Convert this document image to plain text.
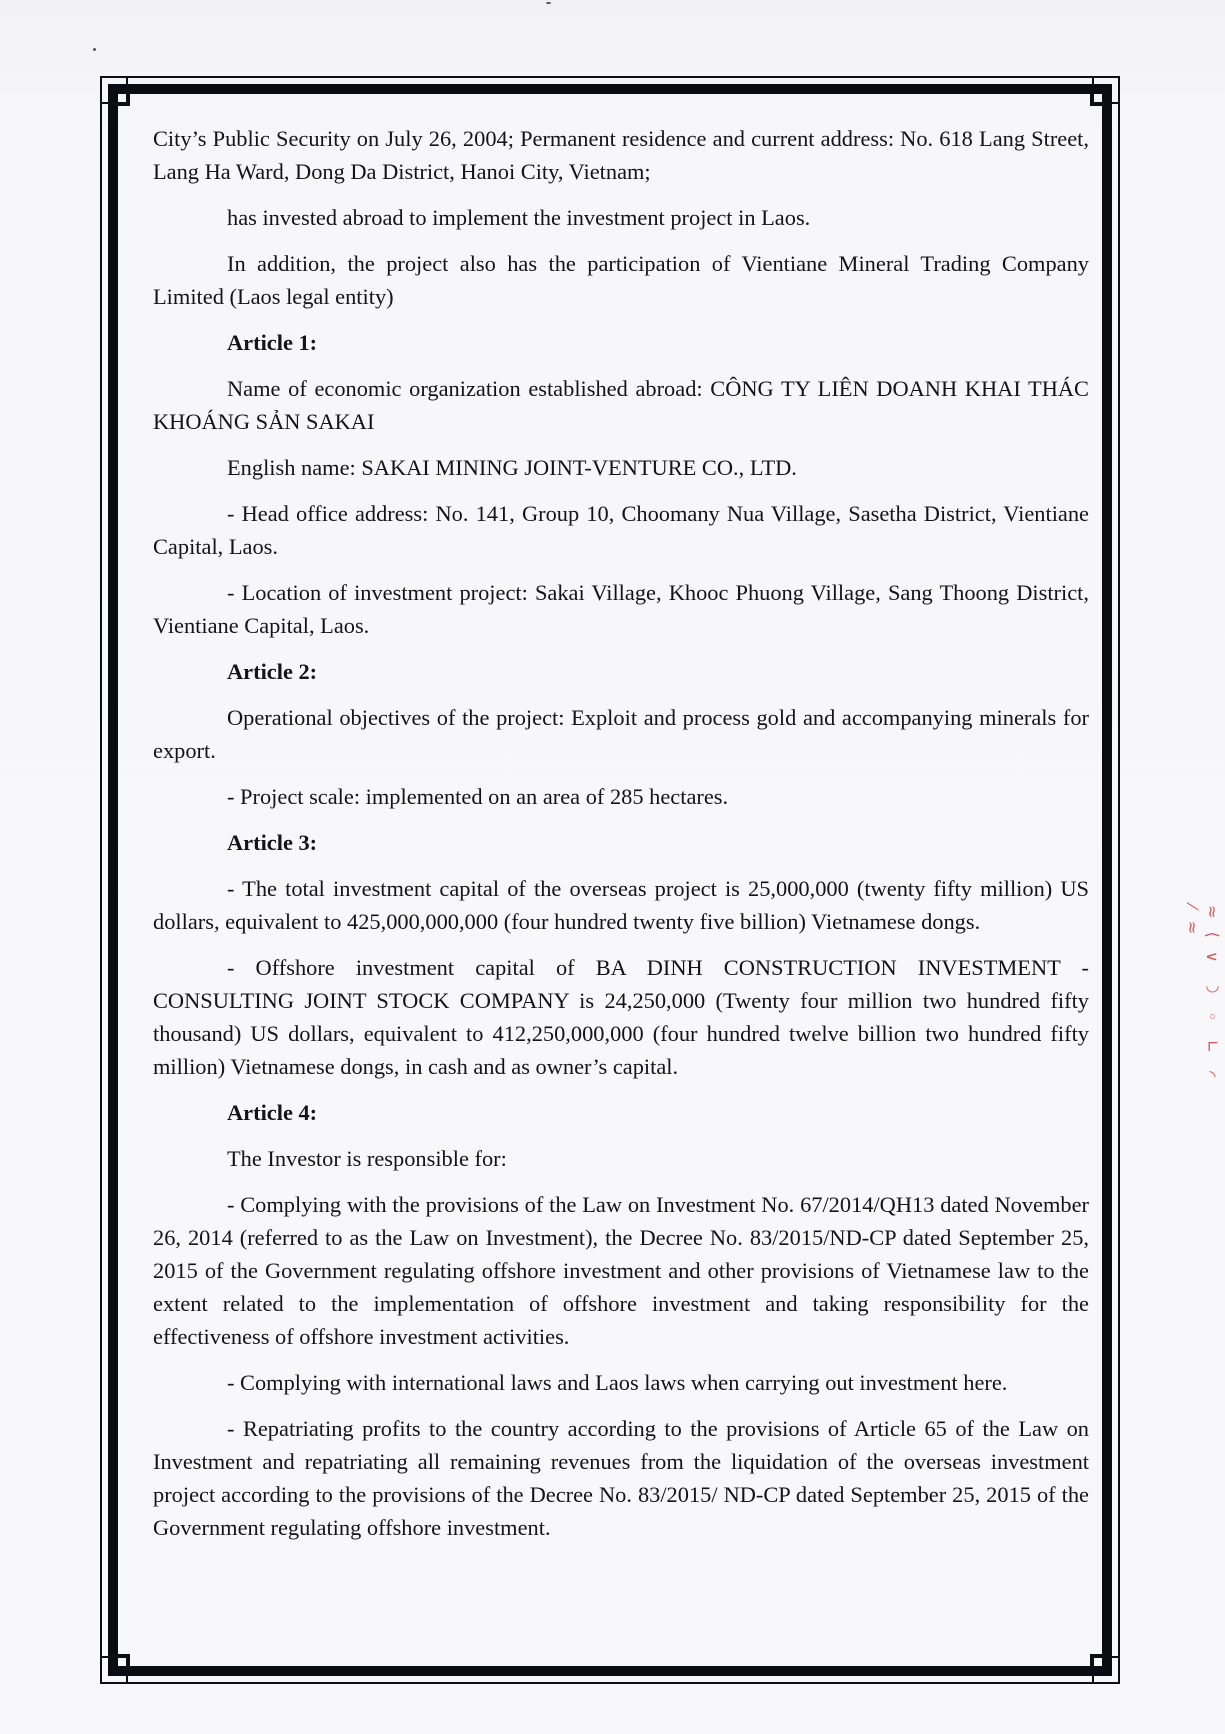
City’s Public Security on July 26, 2004; Permanent residence and current address: No. 618 Lang Street, Lang Ha Ward, Dong Da District, Hanoi City, Vietnam;

has invested abroad to implement the investment project in Laos.

In addition, the project also has the participation of Vientiane Mineral Trading Company Limited (Laos legal entity)

Article 1:

Name of economic organization established abroad: CÔNG TY LIÊN DOANH KHAI THÁC KHOÁNG SẢN SAKAI

English name: SAKAI MINING JOINT-VENTURE CO., LTD.

- Head office address: No. 141, Group 10, Choomany Nua Village, Sasetha District, Vientiane Capital, Laos.

- Location of investment project: Sakai Village, Khooc Phuong Village, Sang Thoong District, Vientiane Capital, Laos.

Article 2:

Operational objectives of the project: Exploit and process gold and accompanying minerals for export.

- Project scale: implemented on an area of 285 hectares.

Article 3:

- The total investment capital of the overseas project is 25,000,000 (twenty fifty million) US dollars, equivalent to 425,000,000,000 (four hundred twenty five billion) Vietnamese dongs.

- Offshore investment capital of BA DINH CONSTRUCTION INVESTMENT - CONSULTING JOINT STOCK COMPANY is 24,250,000 (Twenty four million two hundred fifty thousand) US dollars, equivalent to 412,250,000,000 (four hundred twelve billion two hundred fifty million) Vietnamese dongs, in cash and as owner’s capital.

Article 4:

The Investor is responsible for:

- Complying with the provisions of the Law on Investment No. 67/2014/QH13 dated November 26, 2014 (referred to as the Law on Investment), the Decree No. 83/2015/ND-CP dated September 25, 2015 of the Government regulating offshore investment and other provisions of Vietnamese law to the extent related to the implementation of offshore investment and taking responsibility for the effectiveness of offshore investment activities.

- Complying with international laws and Laos laws when carrying out investment here.

- Repatriating profits to the country according to the provisions of Article 65 of the Law on Investment and repatriating all remaining revenues from the liquidation of the overseas investment project according to the provisions of the Decree No. 83/2015/ ND-CP dated September 25, 2015 of the Government regulating offshore investment.

≈ ⟨ ∨ ◡ ◦ ∟ ◝ ⁄ ≈
